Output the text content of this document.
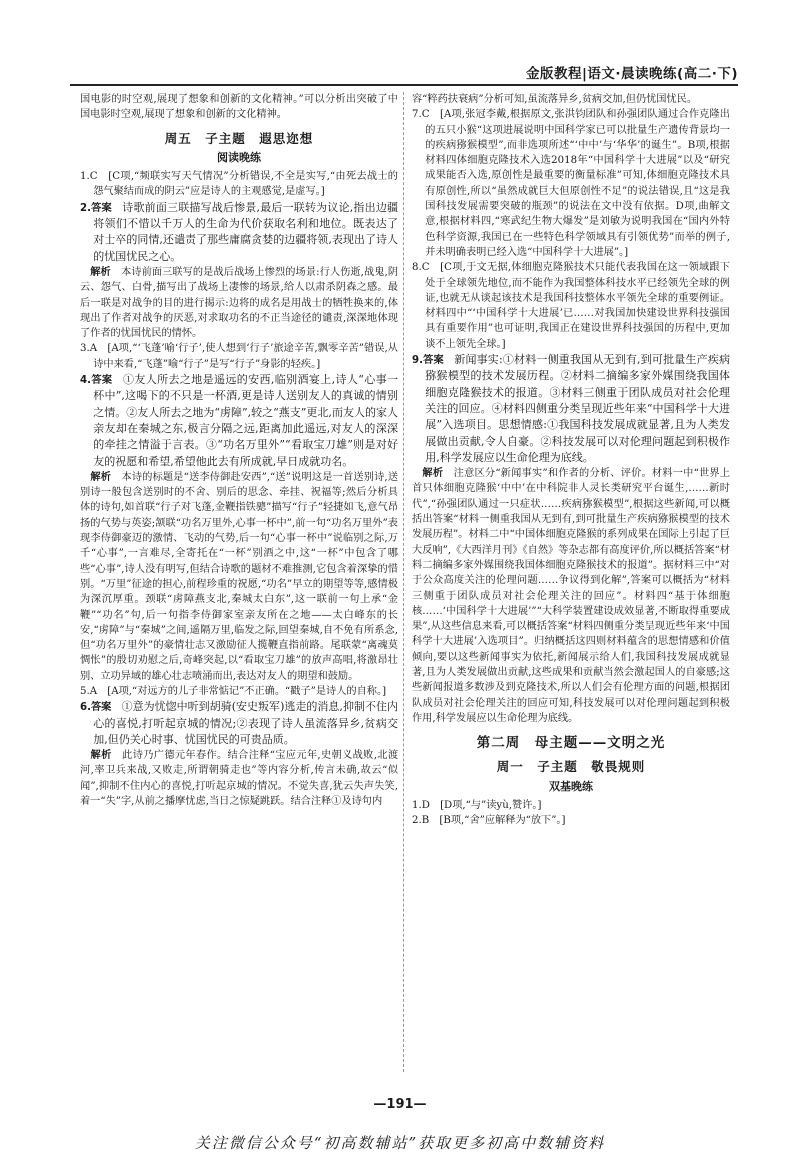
金版教程|语文·晨读晚练(高二·下)

国电影的时空观,展现了想象和创新的文化精神。”可以分析出突破了中国电影时空观,展现了想象和创新的文化精神。

周五　子主题　遐思迩想
阅读晚练

1.C　[C项,“频联实写天气情况”分析错误,不全是实写,“由死去战士的怨气聚结而成的阴云”应是诗人的主观感觉,是虚写。]

2.答案　 诗歌前面三联描写战后惨景,最后一联转为议论,指出边疆将领们不惜以千万人的生命为代价获取名利和地位。既表达了对士卒的同情,还谴责了那些庸腐贪婪的边疆将领,表现出了诗人的忧国忧民之心。

　解析　 本诗前面三联写的是战后战场上惨烈的场景:行人伤逝,战鬼,阴云、怨气、白骨,描写出了战场上凄惨的场景,给人以肃杀阴森之感。最后一联是对战争的目的进行揭示:边将的成名是用战士的牺牲换来的,体现出了作者对战争的厌恶,对求取功名的不正当途径的谴责,深深地体现了作者的忧国忧民的情怀。

3.A　[A项,“‘飞蓬’喻‘行子’,使人想到‘行子’旅途辛苦,飘零辛苦”错误,从诗中来看,“飞蓬”喻“行子”是写“行子”身影的轻疾。]

4.答案　 ①友人所去之地是遥远的安西,临别酒宴上,诗人“心事一杯中”,这喝下的不只是一杯酒,更是诗人送别友人的真诚的情别之情。②友人所去之地为“虏障”,较之“燕支”更北,而友人的家人亲友却在秦城之东,极言分隔之远,距离加此遥远,对友人的深深的牵挂之情溢于言表。③“功名万里外”“看取宝刀雄”则是对好友的祝愿和希望,希望他此去有所成就,早日成就功名。

　解析　 本诗的标题是“送李侍御赴安西”,“送”说明这是一首送别诗,送别诗一般包含送别时的不舍、别后的思念、牵挂、祝福等;然后分析具体的诗句,如首联“行子对飞蓬,金鞭指铁骢”描写“行子”轻捷如飞,意气昂扬的气势与英姿;颔联“功名万里外,心事一杯中”,前一句“功名万里外”表现李侍御豪迈的激情、飞动的气势,后一句“心事一杯中”说临别之际,万千“心事”,一言难尽,全寄托在“一杯”别酒之中,这“一杯”中包含了哪些“心事”,诗人没有明写,但结合诗歌的题材不难推测,它包含着深挚的惜别。“万里”征途的担心,前程珍重的祝愿,“功名”早立的期望等等,感情极为深沉厚重。颈联“虏障燕支北,秦城太白东”,这一联前一句上承“金鞭”“功名”句,后一句指李侍御家室亲友所在之地——太白峰东的长安,“虏障”与“秦城”之间,遥隔万里,临发之际,回望秦城,自不免有所系念,但“功名万里外”的豪情壮志又激励征人揽鞭直指前路。尾联蒙“离魂莫惆怅”的殷切劝慰之后,奇峰突起,以“看取宝刀雄”的放声高唱,将激昂壮别、立功异域的雄心壮志喷涌而出,表达对友人的期望和鼓励。

5.A　[A项,“对远方的儿子非常惦记”不正确。“戳子”是诗人的自称。]

6.答案　 ①意为忧惚中听到胡骑(安史叛军)逃走的消息,抑制不住内心的喜悦,打听起京城的情况;②表现了诗人虽流落异乡,贫病交加,但仍关心时事、忧国忧民的可贵品质。

　解析　 此诗乃广德元年春作。结合注释“宝应元年,史朝义战败,北渡河,率卫兵来战,又败走,所谓朝骑走也”等内容分析,传言未确,故云“似闻”,抑制不住内心的喜悦,打听起京城的情况。不觉失喜,犹云失声失笑,着一“失”字,从前之播摩忧虑,当日之惊疑跳跃。结合注释①及诗句内

容“粹药扶衰病”分析可知,虽流落异乡,贫病交加,但仍忧国忧民。

7.C　[A项,张冠李戴,根据原文,张洪钧团队和孙强团队通过合作克隆出的五只小猴“这项进展说明中国科学家已可以批量生产遗传背景均一的疾病猕猴模型”,而非选项所述“‘中中’与‘华华’的诞生”。B项,根据材料四体细胞克隆技术入选2018年“中国科学十大进展”以及“研究成果能否入选,原创性是最重要的衡量标准”可知,体细胞克隆技术具有原创性,所以“虽然成就巨大但原创性不足”的说法错误,且“这是我国科技发展需要突破的瓶颈”的说法在文中没有依据。D项,曲解文意,根据材料四,“寒武纪生物大爆发”是刘敏为说明我国在“国内外特色科学资源,我国已在一些特色科学领域具有引领优势”而举的例子,并未明确表明已经入选“中国科学十大进展”。]

8.C　[C项,于文无据,体细胞克隆猴技术只能代表我国在这一领域跟下处于全球领先地位,而不能作为我国整体科技水平已经领先全球的例证,也就无从谈起该技术是我国科技整体水平领先全球的重要例证。材料四中“‘中国科学十大进展’已……对我国加快建设世界科技强国具有重要作用”也可证明,我国正在建设世界科技强国的历程中,更加谈不上领先全球。]

9.答案　 新闻事实:①材料一侧重我国从无到有,到可批量生产疾病猕猴模型的技术发展历程。②材料二摘编多家外媒围绕我国体细胞克隆猴技术的报道。③材料三侧重于团队成员对社会伦理关注的回应。④材料四侧重分类呈现近些年来“中国科学十大进展”入选项目。思想情感:①我国科技发展成就显著,且为人类发展做出贡献,令人自豪。②科技发展可以对伦理问题起到积极作用,科学发展应以生命伦理为底线。

　解析　 注意区分“新闻事实”和作者的分析、评价。材料一中“世界上首只体细胞克隆猴‘中中’在中科院非人灵长类研究平台诞生,……新时代”,“孙强团队通过一只症状……疾病猕猴模型”,根据这些新闻,可以概括出答案“材料一侧重我国从无到有,到可批量生产疾病猕猴模型的技术发展历程”。材料二中“中国体细胞克隆猴的系列成果在国际上引起了巨大反响”,《大西洋月刊》《自然》等杂志都有高度评价,所以概括答案“材料二摘编多家外媒围绕我国体细胞克隆猴技术的报道”。据材料三中“对于公众高度关注的伦理问题……争议得到化解”,答案可以概括为“材料三侧重于团队成员对社会伦理关注的回应”。材料四“基于体细胞核……‘中国科学十大进展’”“大科学装置建设成效显著,不断取得重要成果”,从这些信息来看,可以概括答案“材料四侧重分类呈现近些年来‘中国科学十大进展’入选项目”。归纳概括这四则材料蕴含的思想情感和价值倾向,要以这些新闻事实为依托,新闻展示给人们,我国科技发展成就显著,且为人类发展做出贡献,这些成果和贡献当然会激起国人的自豪感;这些新闻报道多数涉及到克隆技术,所以人们会有伦理方面的问题,根据团队成员对社会伦理关注的回应可知,科技发展可以对伦理问题起到积极作用,科学发展应以生命伦理为底线。

第二周　母主题——文明之光
周一　子主题　敬畏规则
双基晚练

1.D　[D项,“与”读yù,赞许。]

2.B　[B项,“舍”应解释为“放下”。]

—191—
关注微信公众号“初高数辅站”获取更多初高中数辅资料
